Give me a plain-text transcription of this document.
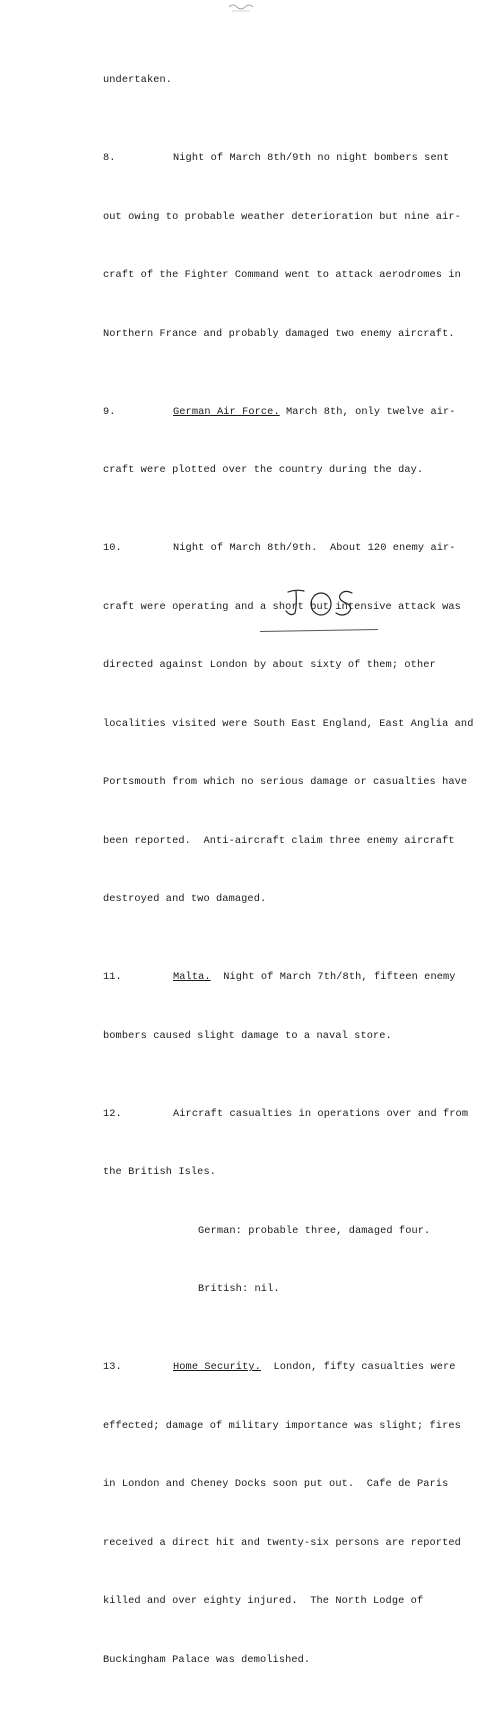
undertaken.

8.	Night of March 8th/9th no night bombers sent

out owing to probable weather deterioration but nine air-

craft of the Fighter Command went to attack aerodromes in

Northern France and probably damaged two enemy aircraft.

9.	German Air Force. March 8th, only twelve air-

craft were plotted over the country during the day.

10.	Night of March 8th/9th.  About 120 enemy air-

craft were operating and a short but intensive attack was

directed against London by about sixty of them; other

localities visited were South East England, East Anglia and

Portsmouth from which no serious damage or casualties have

been reported.  Anti-aircraft claim three enemy aircraft

destroyed and two damaged.

11.	Malta.  Night of March 7th/8th, fifteen enemy

bombers caused slight damage to a naval store.

12.	Aircraft casualties in operations over and from

the British Isles.

German: probable three, damaged four.

British: nil.

13.	Home Security.  London, fifty casualties were

effected; damage of military importance was slight; fires

in London and Cheney Docks soon put out.  Cafe de Paris

received a direct hit and twenty-six persons are reported

killed and over eighty injured.  The North Lodge of

Buckingham Palace was demolished.
